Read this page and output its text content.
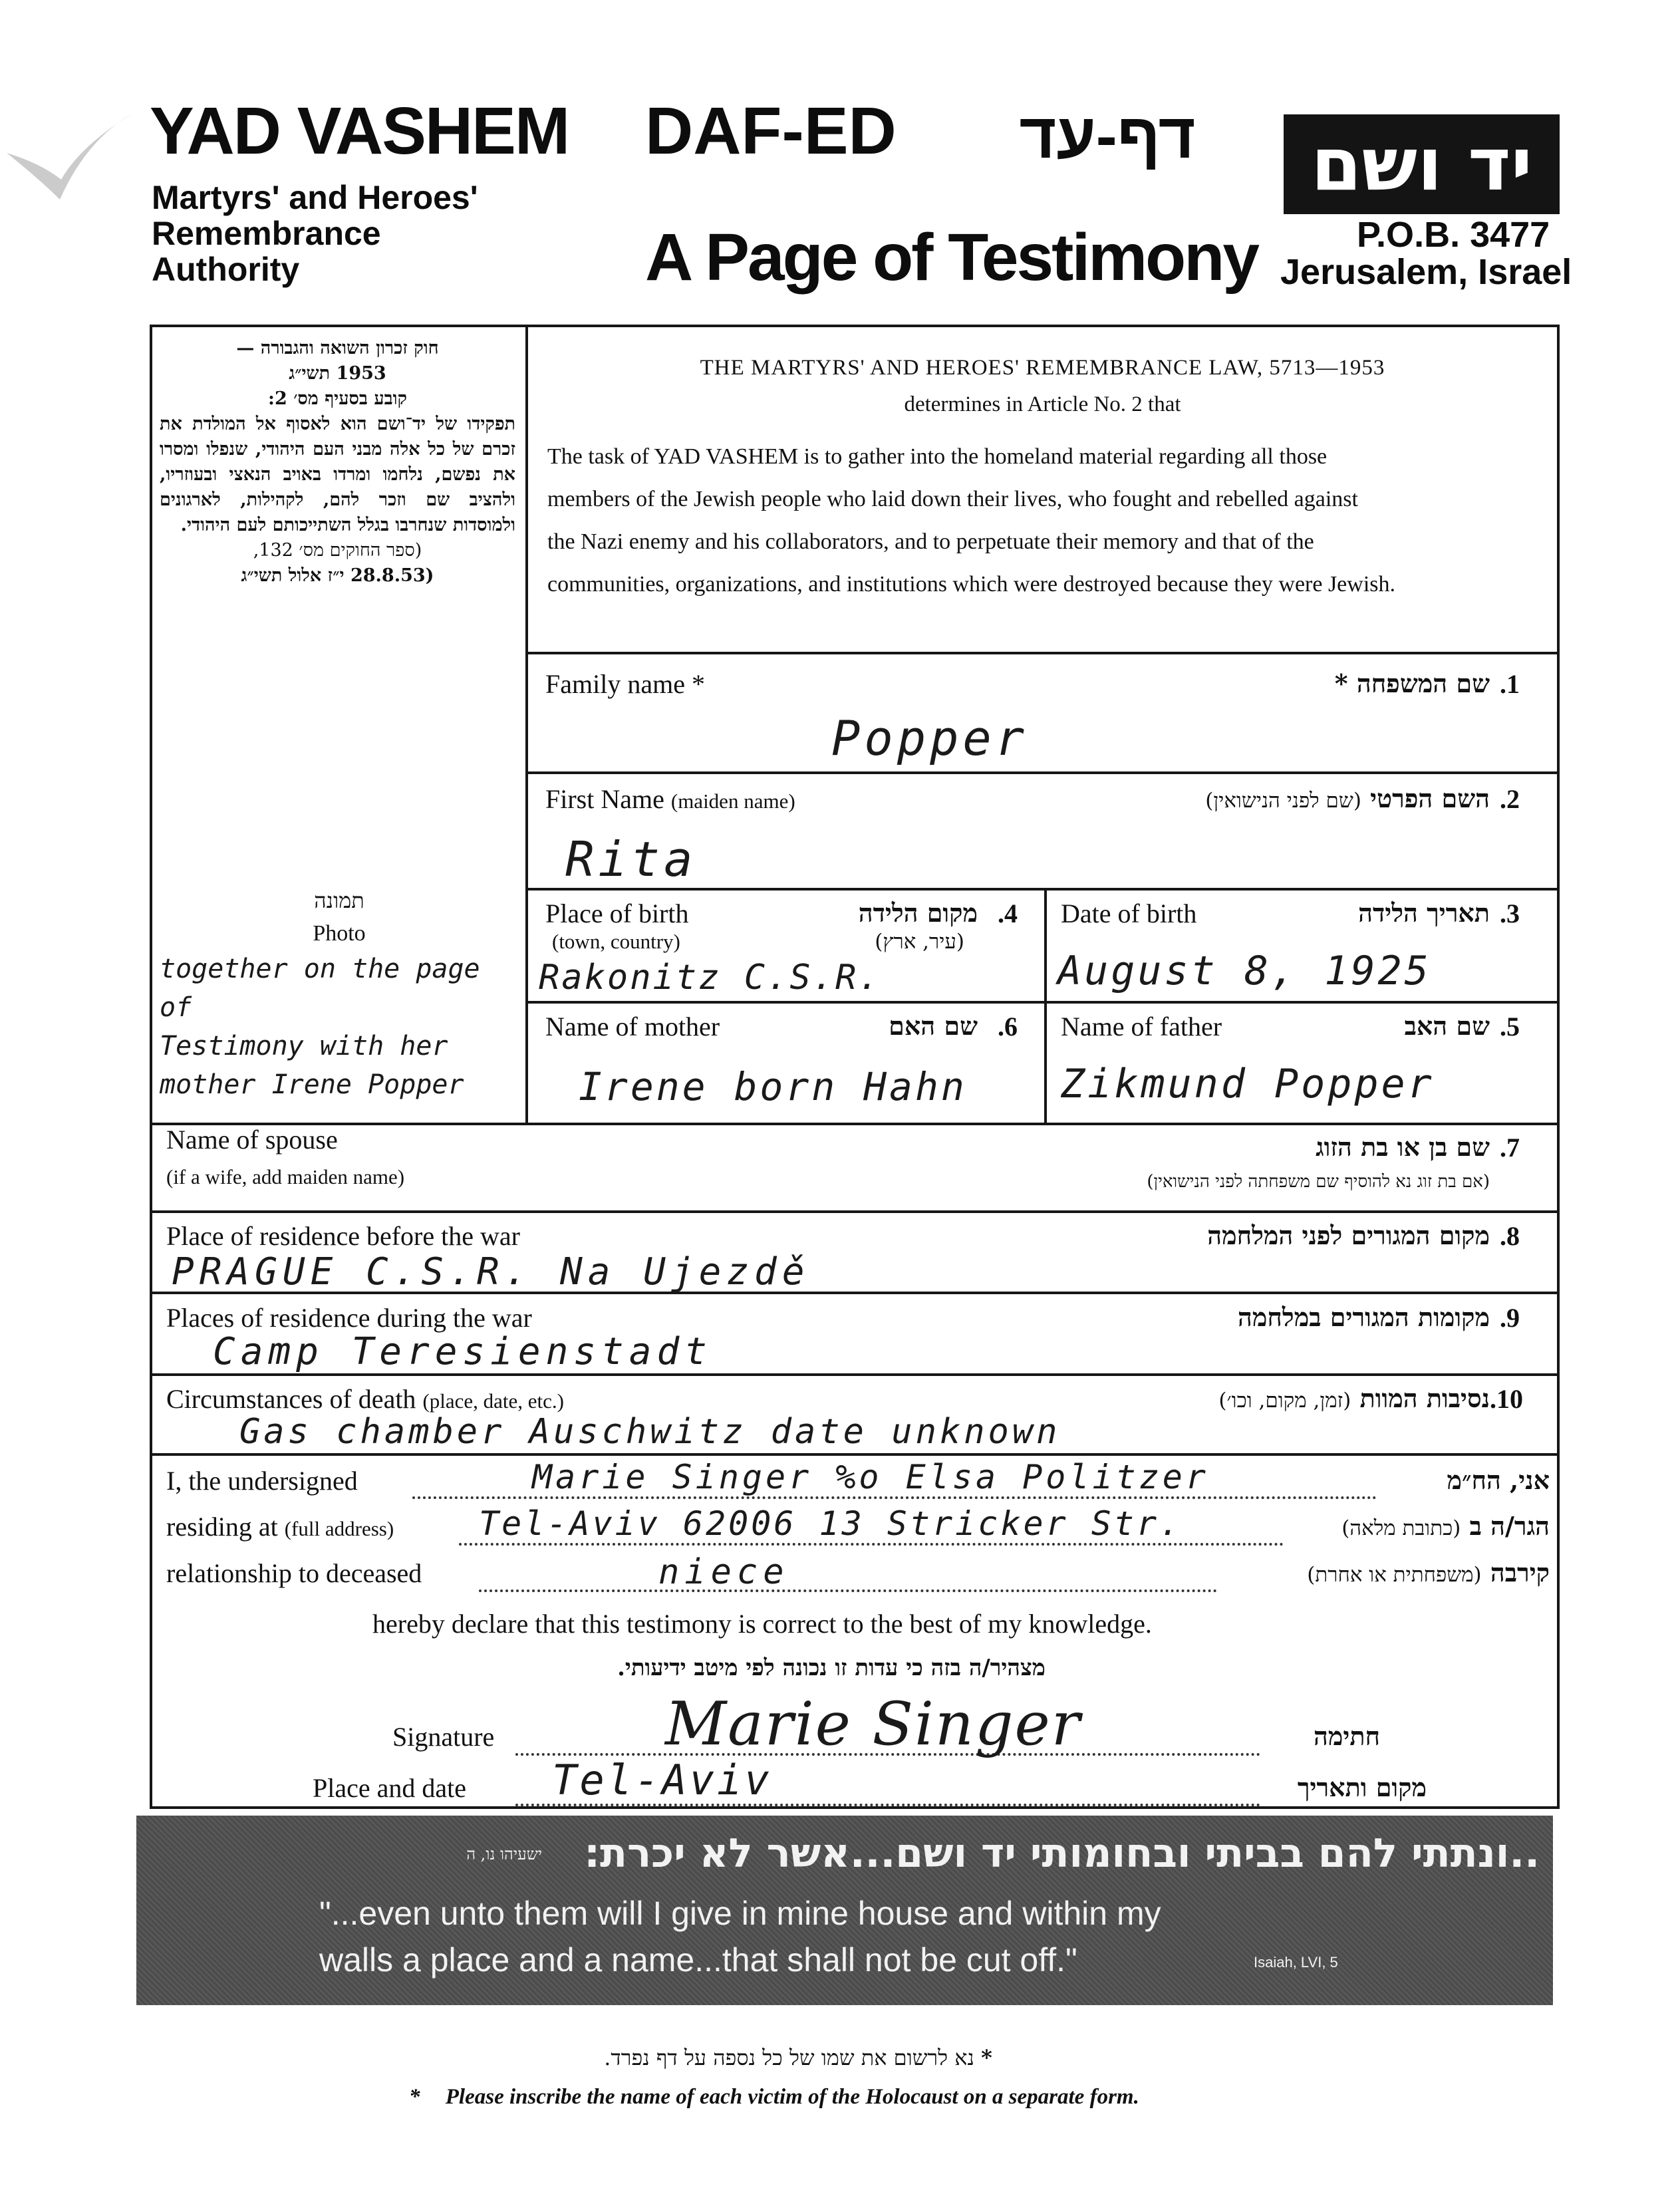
YAD VASHEM
Martyrs' and Heroes'
Remembrance
Authority
DAF-ED	דף-עד
A Page of Testimony
יד ושם
P.O.B. 3477
Jerusalem, Israel
חוק זכרון השואה והגבורה —
1953 תשי״ג
קובע בסעיף מס׳ 2:
תפקידו של יד־ושם הוא לאסוף אל המולדת את זכרם של כל אלה מבני העם היהודי, שנפלו ומסרו את נפשם, נלחמו ומרדו באויב הנאצי ובעוזריו, ולהציב שם וזכר להם, לקהילות, לארגונים ולמוסדות שנחרבו בגלל השתייכותם לעם היהודי.
(ספר החוקים מס׳ 132,
(28.8.53 י״ז אלול תשי״ג
THE MARTYRS' AND HEROES' REMEMBRANCE LAW, 5713—1953
determines in Article No. 2 that
The task of YAD VASHEM is to gather into the homeland material regarding all those
members of the Jewish people who laid down their lives, who fought and rebelled against
the Nazi enemy and his collaborators, and to perpetuate their memory and that of the
communities, organizations, and institutions which were destroyed because they were Jewish.
תמונה
Photo
together on the page of
Testimony with her
mother Irene Popper
Family name *	שם המשפחה * .1
Popper
First Name (maiden name)	השם הפרטי (שם לפני הנישואין)	.2
Rita
Place of birth
(town, country)
מקום הלידה
(עיר, ארץ)
.4
Rakonitz C.S.R.
Date of birth	תאריך הלידה .3
August 8, 1925
Name of mother	שם האם .6
Irene born Hahn
Name of father	שם האב .5
Zikmund Popper
Name of spouse
(if a wife, add maiden name)
שם בן או בת הזוג
(אם בת זוג נא להוסיף שם משפחתה לפני הנישואין)
.7
Place of residence before the war	מקום המגורים לפני המלחמה .8
PRAGUE C.S.R. Na Ujezdě
Places of residence during the war	מקומות המגורים במלחמה .9
Camp Teresienstadt
Circumstances of death (place, date, etc.)	נסיבות המוות (זמן, מקום, וכו׳)	.10
Gas chamber Auschwitz date unknown
I, the undersigned	Marie Singer %o Elsa Politzer	אני, הח״מ
residing at (full address)	Tel-Aviv 62006 13 Stricker Str.	הגר/ה ב (כתובת מלאה)
relationship to deceased	niece	קירבה (משפחתית או אחרת)
hereby declare that this testimony is correct to the best of my knowledge.
מצהיר/ה בזה כי עדות זו נכונה לפי מיטב ידיעותי.
Signature	Marie Singer	חתימה
Place and date Tel-Aviv	מקום ותאריך
..ונתתי להם בביתי ובחומותי יד ושם...אשר לא יכרת:
ישעיהו נו, ה
"...even unto them will I give in mine house and within my
walls a place and a name...that shall not be cut off."	Isaiah, LVI, 5
* נא לרשום את שמו של כל נספה על דף נפרד.
* Please inscribe the name of each victim of the Holocaust on a separate form.
